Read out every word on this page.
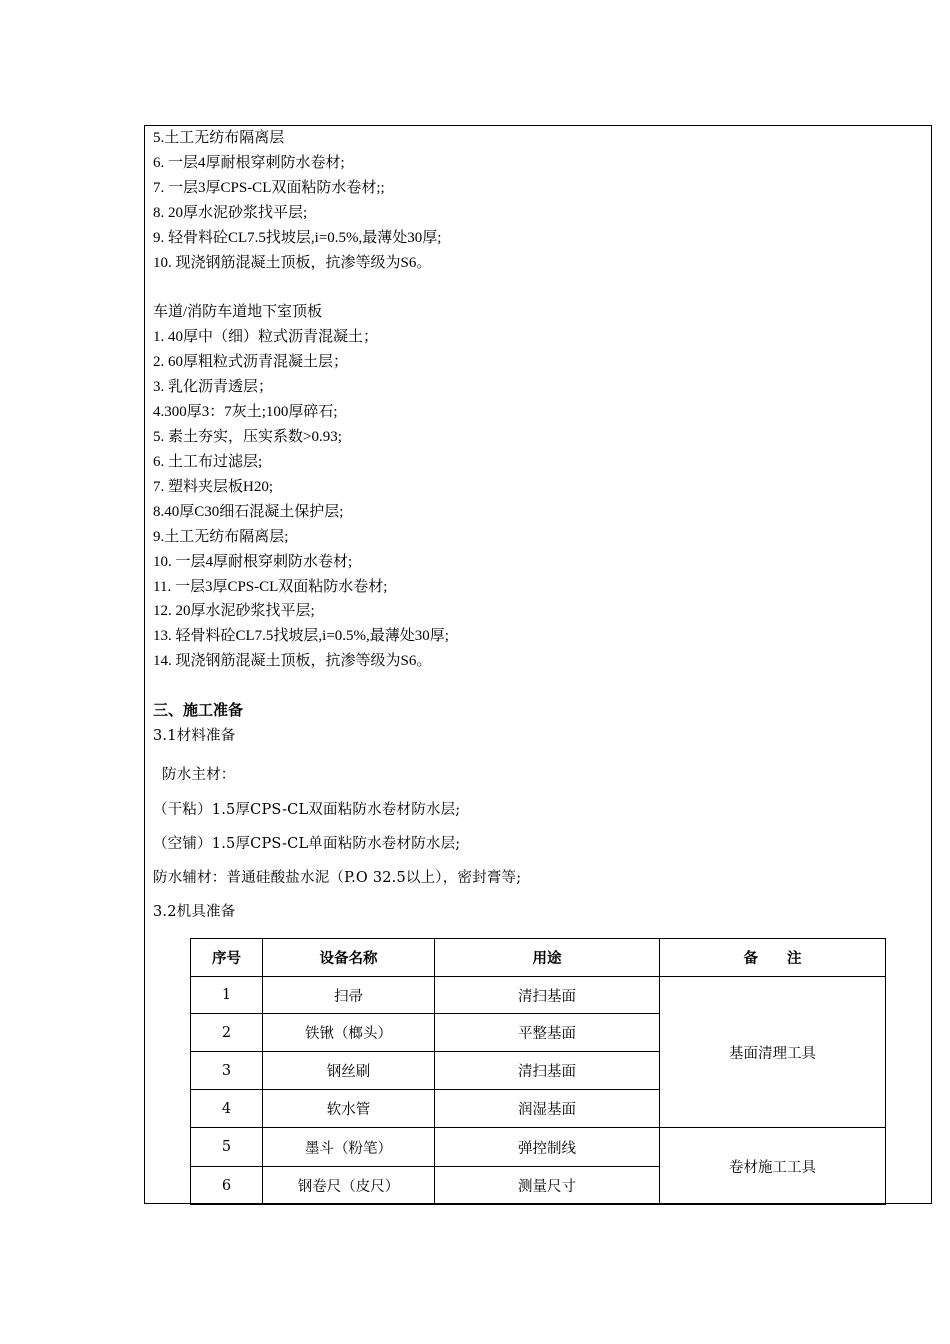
5.土工无纺布隔离层
6. 一层4厚耐根穿刺防水卷材;
7. 一层3厚CPS-CL双面粘防水卷材;;
8. 20厚水泥砂浆找平层;
9. 轻骨料砼CL7.5找坡层,i=0.5%,最薄处30厚;
10. 现浇钢筋混凝土顶板，抗渗等级为S6。
车道/消防车道地下室顶板
1. 40厚中（细）粒式沥青混凝土；
2. 60厚粗粒式沥青混凝土层；
3. 乳化沥青透层；
4.300厚3：7灰土;100厚碎石;
5. 素土夯实，压实系数>0.93;
6. 土工布过滤层;
7. 塑料夹层板H20;
8.40厚C30细石混凝土保护层;
9.土工无纺布隔离层;
10. 一层4厚耐根穿刺防水卷材;
11. 一层3厚CPS-CL双面粘防水卷材;
12. 20厚水泥砂浆找平层;
13. 轻骨料砼CL7.5找坡层,i=0.5%,最薄处30厚;
14. 现浇钢筋混凝土顶板，抗渗等级为S6。
三、施工准备
3.1材料准备
防水主材：
（干粘）1.5厚CPS-CL双面粘防水卷材防水层;
（空铺）1.5厚CPS-CL单面粘防水卷材防水层;
防水辅材：普通硅酸盐水泥（P.O 32.5以上），密封膏等;
3.2机具准备
序号	设备名称	用途	备　　注
1	扫帚	清扫基面	基面清理工具
2	铁锹（榔头）	平整基面	
3	钢丝刷	清扫基面	
4	软水管	润湿基面	
5	墨斗（粉笔）	弹控制线	卷材施工工具
6	钢卷尺（皮尺）	测量尺寸	
